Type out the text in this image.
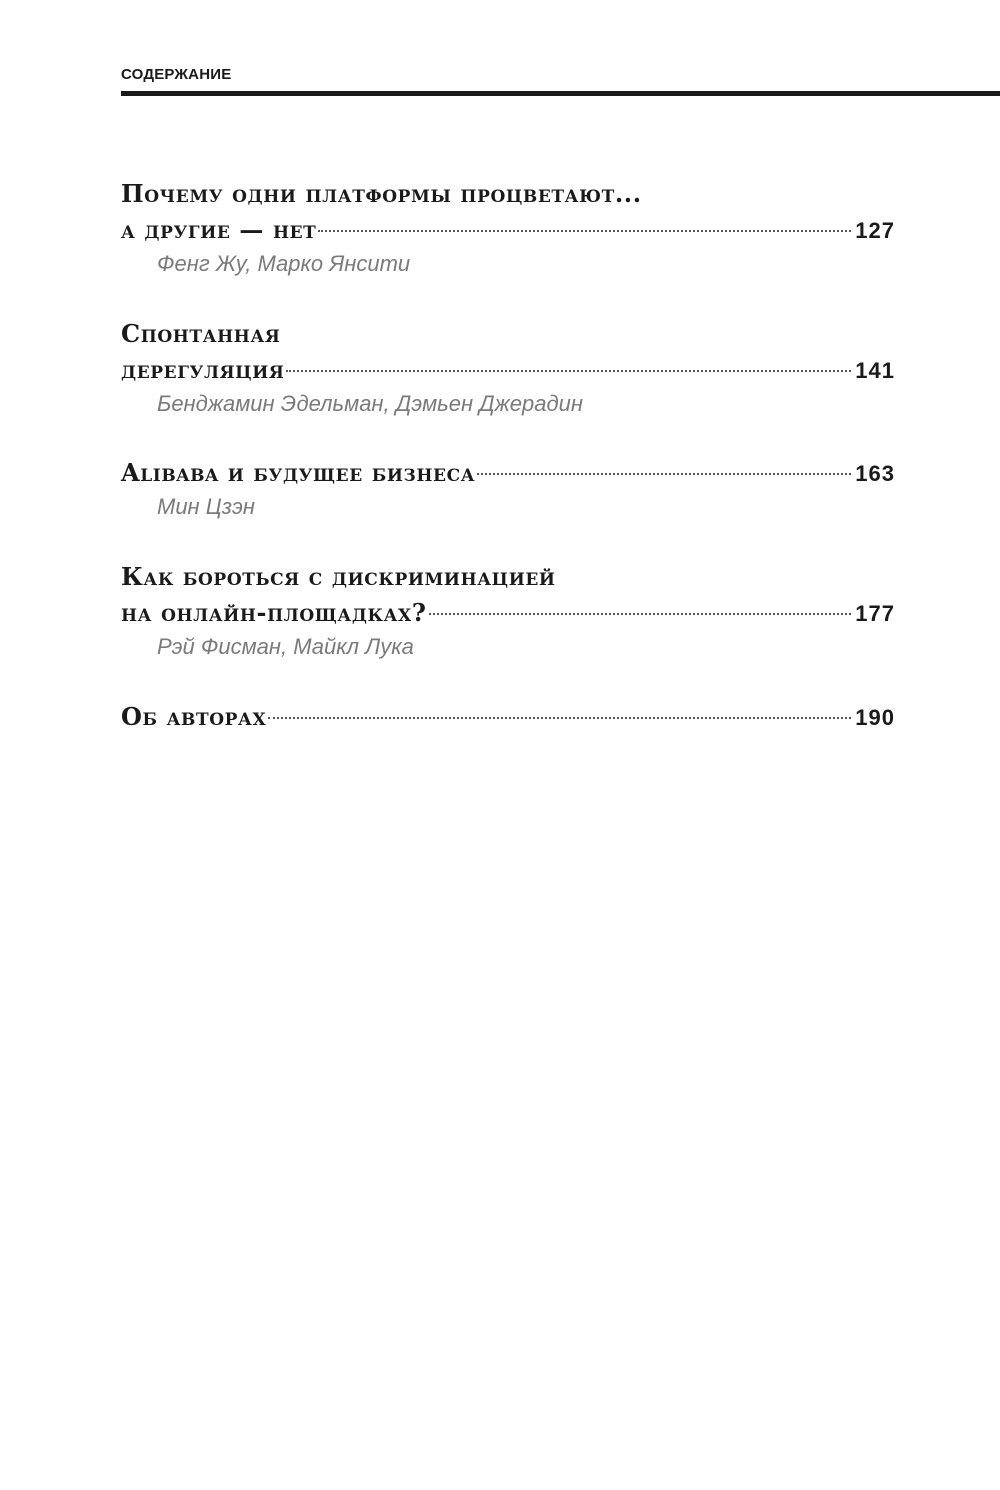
СОДЕРЖАНИЕ
Почему одни платформы процветают...
а другие — нет	127
Фенг Жу, Марко Янсити
Спонтанная
дерегуляция	141
Бенджамин Эдельман, Дэмьен Джерадин
Alibaba и будущее бизнеса	163
Мин Цзэн
Как бороться с дискриминацией
на онлайн-площадках?	177
Рэй Фисман, Майкл Лука
Об авторах	190
